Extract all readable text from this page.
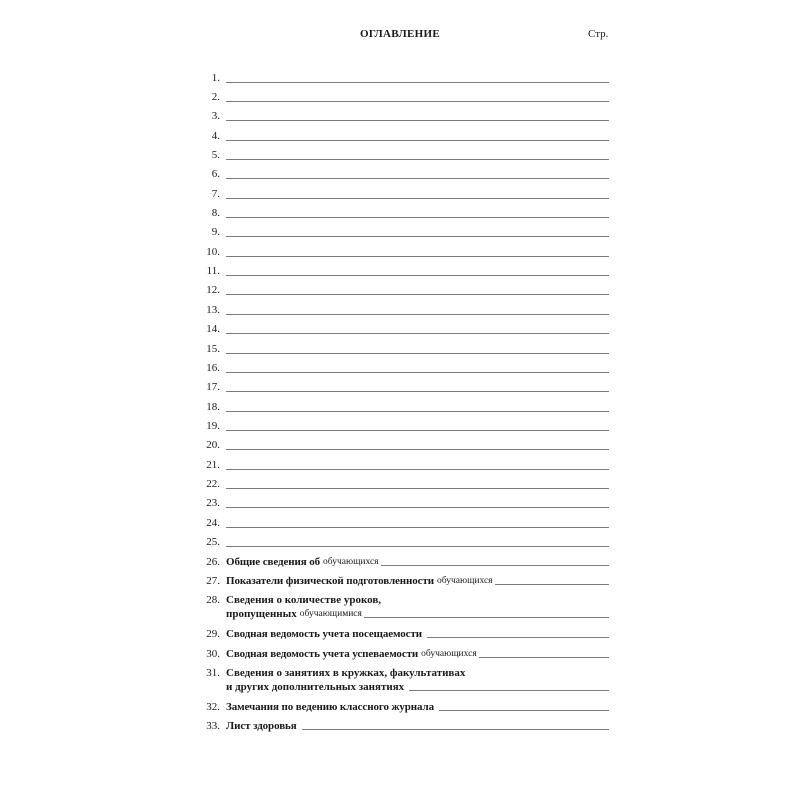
ОГЛАВЛЕНИЕ	Стр.
1.
2.
3.
4.
5.
6.
7.
8.
9.
10.
11.
12.
13.
14.
15.
16.
17.
18.
19.
20.
21.
22.
23.
24.
25.
26. Общие сведения об обучающихся
27. Показатели физической подготовленности обучающихся
28. Сведения о количестве уроков,
пропущенных обучающимися
29. Сводная ведомость учета посещаемости
30. Сводная ведомость учета успеваемости обучающихся
31. Сведения о занятиях в кружках, факультативах
и других дополнительных занятиях
32. Замечания по ведению классного журнала
33. Лист здоровья
